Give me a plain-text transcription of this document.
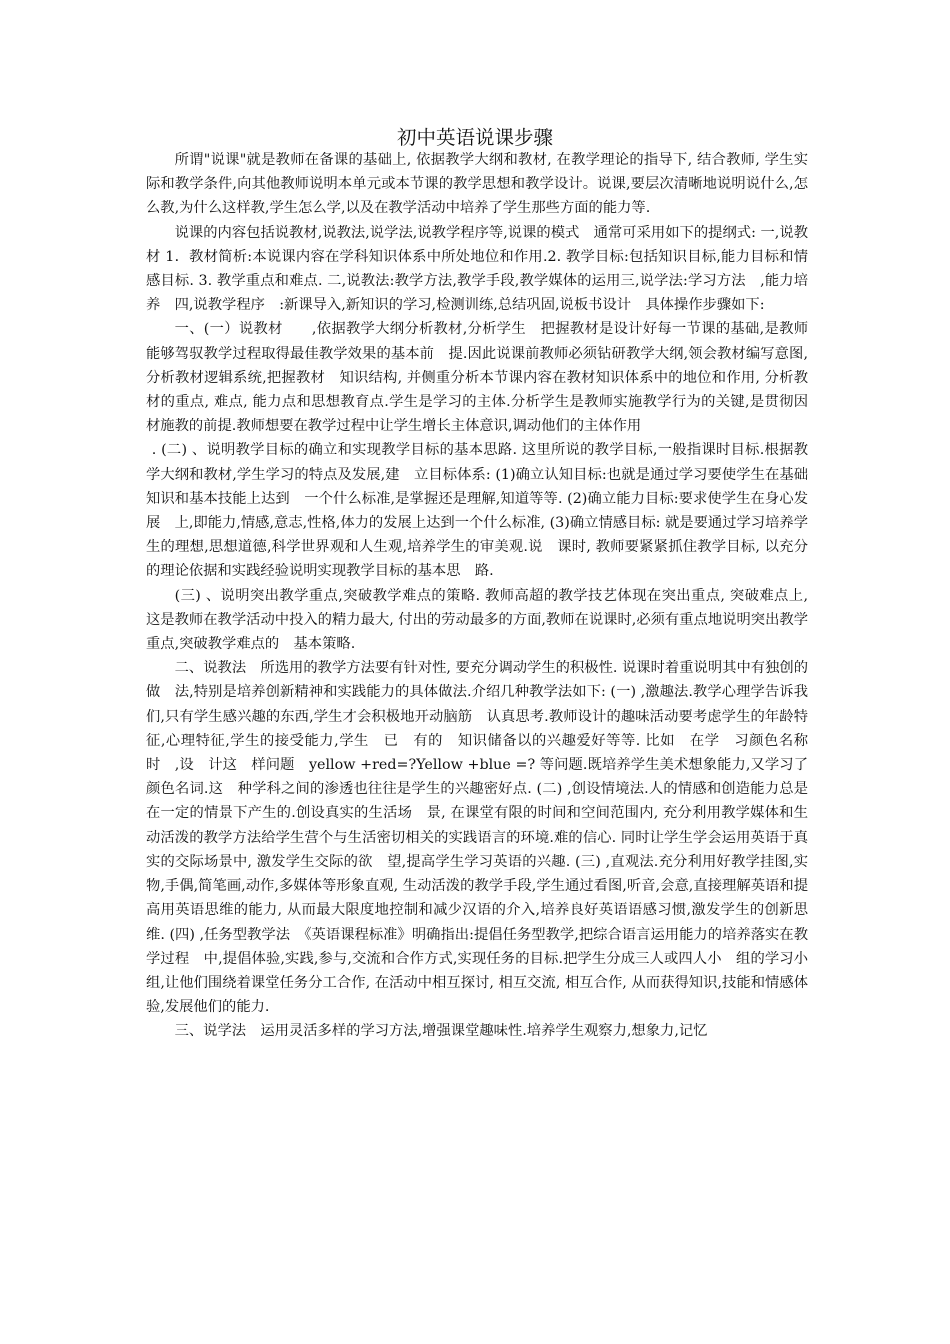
初中英语说课步骤

所谓"说课"就是教师在备课的基础上, 依据教学大纲和教材, 在教学理论的指导下, 结合教师, 学生实际和教学条件,向其他教师说明本单元或本节课的教学思想和教学设计。说课,要层次清晰地说明说什么,怎么教,为什么这样教,学生怎么学,以及在教学活动中培养了学生那些方面的能力等.

说课的内容包括说教材,说教法,说学法,说教学程序等,说课的模式　通常可采用如下的提纲式: 一,说教材 1．教材简析:本说课内容在学科知识体系中所处地位和作用.2. 教学目标:包括知识目标,能力目标和情感目标. 3. 教学重点和难点. 二,说教法:教学方法,教学手段,教学媒体的运用三,说学法:学习方法　,能力培养　四,说教学程序　:新课导入,新知识的学习,检测训练,总结巩固,说板书设计　具体操作步骤如下:

一、(一）说教材　　,依据教学大纲分析教材,分析学生　把握教材是设计好每一节课的基础,是教师能够驾驭教学过程取得最佳教学效果的基本前　提.因此说课前教师必须钻研教学大纲,领会教材编写意图,分析教材逻辑系统,把握教材　知识结构, 并侧重分析本节课内容在教材知识体系中的地位和作用, 分析教材的重点, 难点, 能力点和思想教育点.学生是学习的主体.分析学生是教师实施教学行为的关键,是贯彻因　材施教的前提.教师想要在教学过程中让学生增长主体意识,调动他们的主体作用

. (二) 、说明教学目标的确立和实现教学目标的基本思路. 这里所说的教学目标,一般指课时目标.根据教学大纲和教材,学生学习的特点及发展,建　立目标体系: (1)确立认知目标:也就是通过学习要使学生在基础知识和基本技能上达到　一个什么标准,是掌握还是理解,知道等等. (2)确立能力目标:要求使学生在身心发展　上,即能力,情感,意志,性格,体力的发展上达到一个什么标准, (3)确立情感目标: 就是要通过学习培养学生的理想,思想道德,科学世界观和人生观,培养学生的审美观.说　课时, 教师要紧紧抓住教学目标, 以充分的理论依据和实践经验说明实现教学目标的基本思　路.

(三) 、说明突出教学重点,突破教学难点的策略. 教师高超的教学技艺体现在突出重点, 突破难点上, 这是教师在教学活动中投入的精力最大, 付出的劳动最多的方面,教师在说课时,必须有重点地说明突出教学重点,突破教学难点的　基本策略.

二、说教法　所选用的教学方法要有针对性, 要充分调动学生的积极性. 说课时着重说明其中有独创的做　法,特别是培养创新精神和实践能力的具体做法.介绍几种教学法如下: (一) ,激趣法.教学心理学告诉我们,只有学生感兴趣的东西,学生才会积极地开动脑筋　认真思考.教师设计的趣味活动要考虑学生的年龄特征,心理特征,学生的接受能力,学生　已　有的　知识储备以的兴趣爱好等等. 比如　在学　习颜色名称时　,设　计这　样问题　yellow +red=?Yellow +blue =? 等问题.既培养学生美术想象能力,又学习了颜色名词.这　种学科之间的渗透也往往是学生的兴趣密好点. (二) ,创设情境法.人的情感和创造能力总是在一定的情景下产生的.创设真实的生活场　景, 在课堂有限的时间和空间范围内, 充分利用教学媒体和生动活泼的教学方法给学生营个与生活密切相关的实践语言的环境.难的信心. 同时让学生学会运用英语于真实的交际场景中, 激发学生交际的欲　望,提高学生学习英语的兴趣. (三) ,直观法.充分利用好教学挂图,实物,手偶,简笔画,动作,多媒体等形象直观, 生动活泼的教学手段,学生通过看图,听音,会意,直接理解英语和提高用英语思维的能力, 从而最大限度地控制和减少汉语的介入,培养良好英语语感习惯,激发学生的创新思维. (四) ,任务型教学法　《英语课程标准》明确指出:提倡任务型教学,把综合语言运用能力的培养落实在教学过程　中,提倡体验,实践,参与,交流和合作方式,实现任务的目标.把学生分成三人或四人小　组的学习小组,让他们围绕着课堂任务分工合作, 在活动中相互探讨, 相互交流, 相互合作, 从而获得知识,技能和情感体验,发展他们的能力.

三、说学法　运用灵活多样的学习方法,增强课堂趣味性.培养学生观察力,想象力,记忆
